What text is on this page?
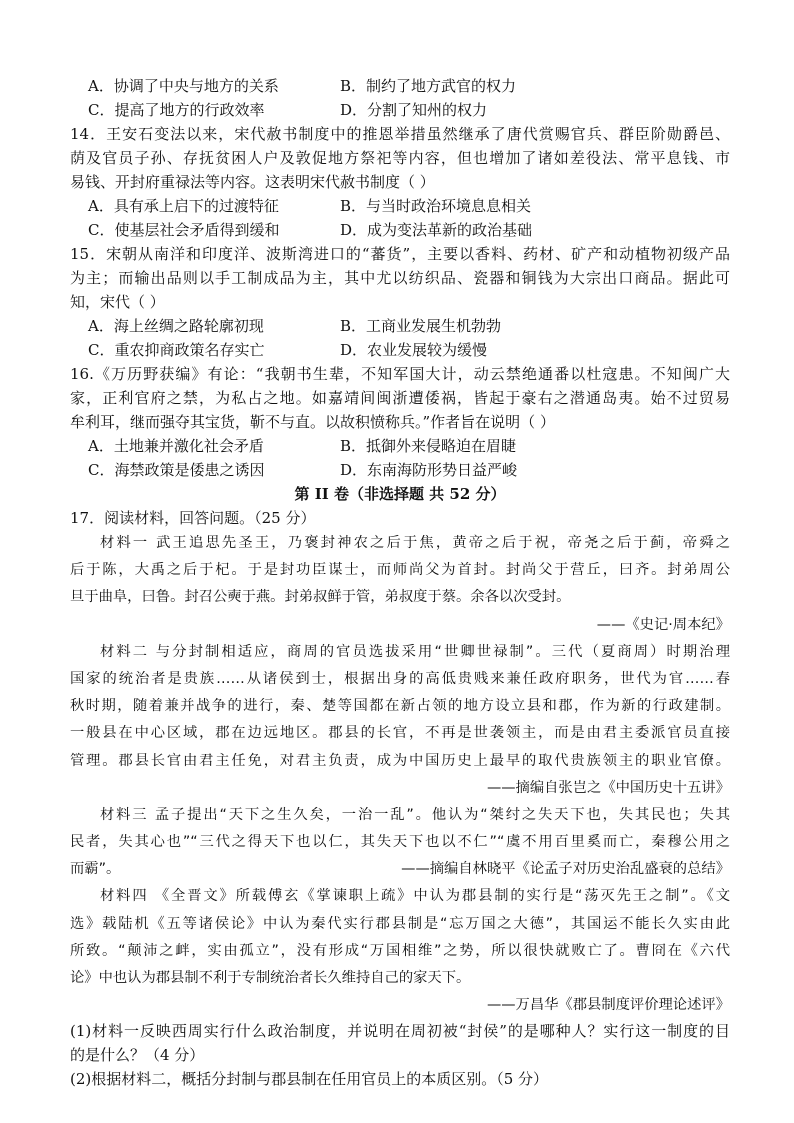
A．协调了中央与地方的关系	B．制约了地方武官的权力
C．提高了地方的行政效率	D．分割了知州的权力
14．王安石变法以来，宋代赦书制度中的推恩举措虽然继承了唐代赏赐官兵、群臣阶勋爵邑、
荫及官员子孙、存抚贫困人户及敦促地方祭祀等内容，但也增加了诸如差役法、常平息钱、市
易钱、开封府重禄法等内容。这表明宋代赦书制度（ ）
A．具有承上启下的过渡特征	B．与当时政治环境息息相关
C．使基层社会矛盾得到缓和	D．成为变法革新的政治基础
15．宋朝从南洋和印度洋、波斯湾进口的“蕃货”，主要以香料、药材、矿产和动植物初级产品
为主；而输出品则以手工制成品为主，其中尤以纺织品、瓷器和铜钱为大宗出口商品。据此可
知，宋代（ ）
A．海上丝绸之路轮廓初现	B．工商业发展生机勃勃
C．重农抑商政策名存实亡	D．农业发展较为缓慢
16.《万历野获编》有论：“我朝书生辈，不知军国大计，动云禁绝通番以杜寇患。不知闽广大
家，正利官府之禁，为私占之地。如嘉靖间闽浙遭倭祸，皆起于豪右之潜通岛夷。始不过贸易
牟利耳，继而强夺其宝货，靳不与直。以故积愤称兵。”作者旨在说明（ ）
A．土地兼并激化社会矛盾	B．抵御外来侵略迫在眉睫
C．海禁政策是倭患之诱因	D．东南海防形势日益严峻
第 II 卷（非选择题 共 52 分）
17．阅读材料，回答问题。（25 分）
材料一 武王追思先圣王，乃褒封神农之后于焦，黄帝之后于祝，帝尧之后于蓟，帝舜之
后于陈，大禹之后于杞。于是封功臣谋士，而师尚父为首封。封尚父于营丘，曰齐。封弟周公
旦于曲阜，曰鲁。封召公奭于燕。封弟叔鲜于管，弟叔度于蔡。余各以次受封。
——《史记·周本纪》
材料二 与分封制相适应，商周的官员选拔采用“世卿世禄制”。三代（夏商周）时期治理
国家的统治者是贵族……从诸侯到士，根据出身的高低贵贱来兼任政府职务，世代为官……春
秋时期，随着兼并战争的进行，秦、楚等国都在新占领的地方设立县和郡，作为新的行政建制。
一般县在中心区域，郡在边远地区。郡县的长官，不再是世袭领主，而是由君主委派官员直接
管理。郡县长官由君主任免，对君主负责，成为中国历史上最早的取代贵族领主的职业官僚。
——摘编自张岂之《中国历史十五讲》
材料三 孟子提出“天下之生久矣，一治一乱”。他认为“桀纣之失天下也，失其民也；失其
民者，失其心也”“三代之得天下也以仁，其失天下也以不仁”“虞不用百里奚而亡，秦穆公用之
而霸”。	——摘编自林晓平《论孟子对历史治乱盛衰的总结》
材料四 《全晋文》所载傅玄《掌谏职上疏》中认为郡县制的实行是“荡灭先王之制”。《文
选》载陆机《五等诸侯论》中认为秦代实行郡县制是“忘万国之大德”，其国运不能长久实由此
所致。“颠沛之衅，实由孤立”，没有形成“万国相维”之势，所以很快就败亡了。曹冏在《六代
论》中也认为郡县制不利于专制统治者长久维持自己的家天下。
——万昌华《郡县制度评价理论述评》
(1)材料一反映西周实行什么政治制度，并说明在周初被“封侯”的是哪种人？实行这一制度的目
的是什么？（4 分）
(2)根据材料二，概括分封制与郡县制在任用官员上的本质区别。（5 分）
